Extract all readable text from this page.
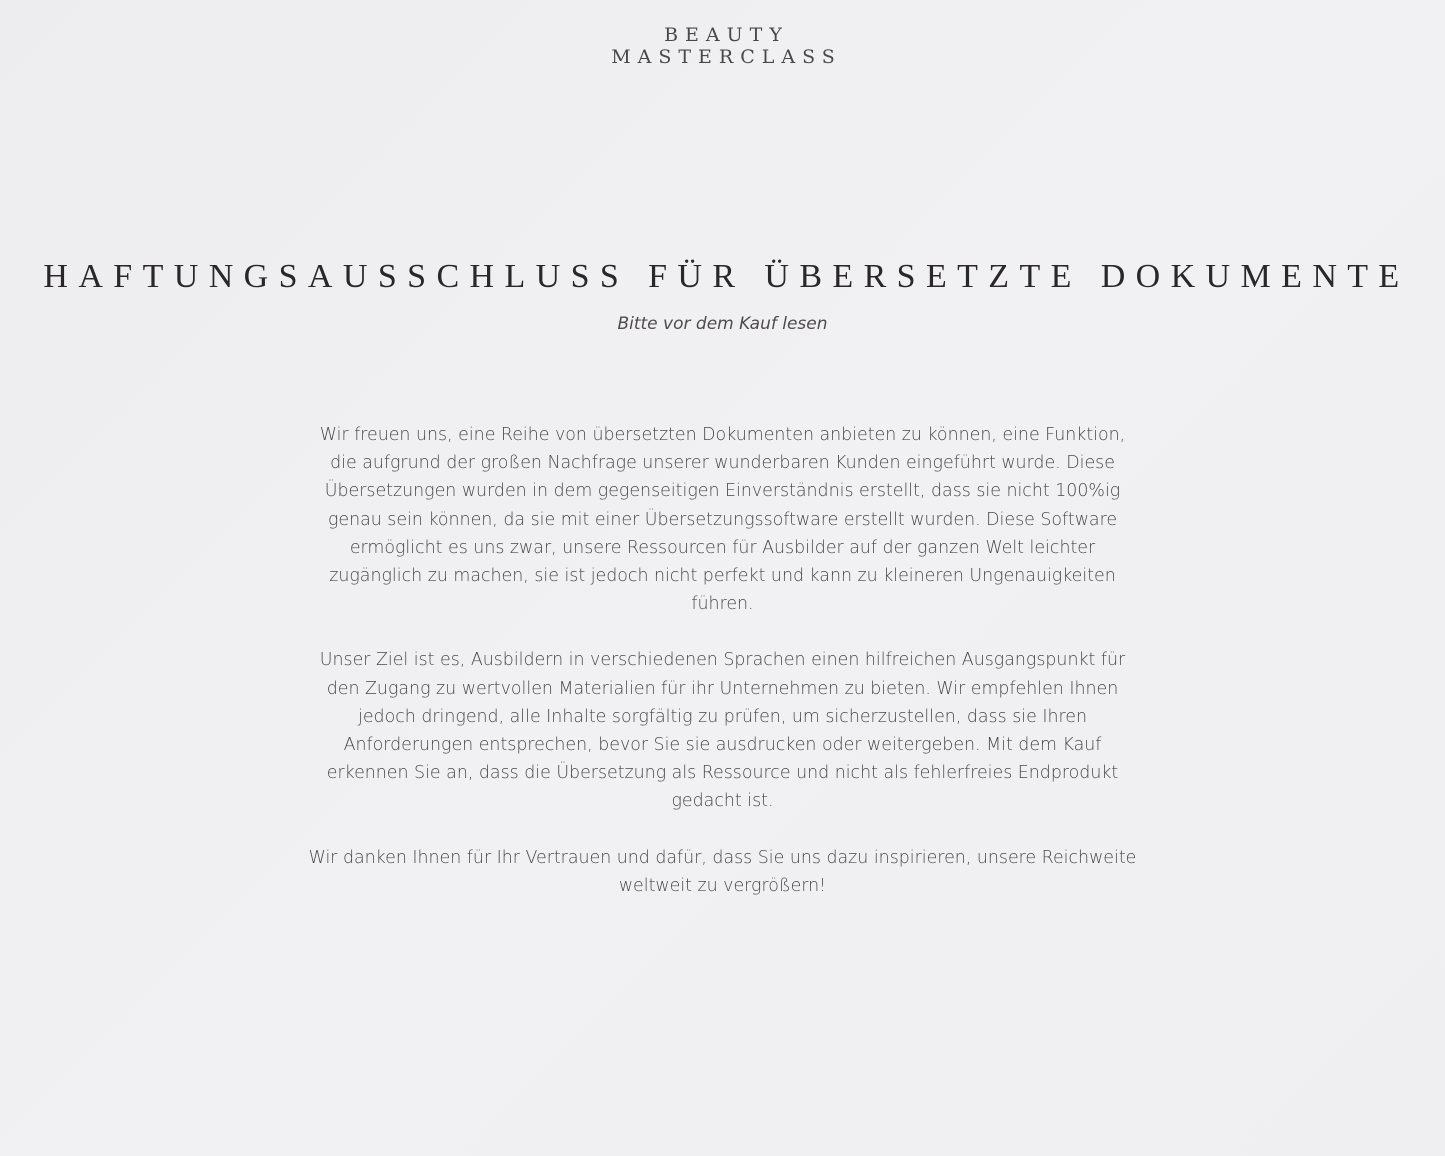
BEAUTY
MASTERCLASS
HAFTUNGSAUSSCHLUSS FÜR ÜBERSETZTE DOKUMENTE
Bitte vor dem Kauf lesen

Wir freuen uns, eine Reihe von übersetzten Dokumenten anbieten zu können, eine Funktion,
die aufgrund der großen Nachfrage unserer wunderbaren Kunden eingeführt wurde. Diese
Übersetzungen wurden in dem gegenseitigen Einverständnis erstellt, dass sie nicht 100%ig
genau sein können, da sie mit einer Übersetzungssoftware erstellt wurden. Diese Software
ermöglicht es uns zwar, unsere Ressourcen für Ausbilder auf der ganzen Welt leichter
zugänglich zu machen, sie ist jedoch nicht perfekt und kann zu kleineren Ungenauigkeiten
führen.

Unser Ziel ist es, Ausbildern in verschiedenen Sprachen einen hilfreichen Ausgangspunkt für
den Zugang zu wertvollen Materialien für ihr Unternehmen zu bieten. Wir empfehlen Ihnen
jedoch dringend, alle Inhalte sorgfältig zu prüfen, um sicherzustellen, dass sie Ihren
Anforderungen entsprechen, bevor Sie sie ausdrucken oder weitergeben. Mit dem Kauf
erkennen Sie an, dass die Übersetzung als Ressource und nicht als fehlerfreies Endprodukt
gedacht ist.

Wir danken Ihnen für Ihr Vertrauen und dafür, dass Sie uns dazu inspirieren, unsere Reichweite
weltweit zu vergrößern!
